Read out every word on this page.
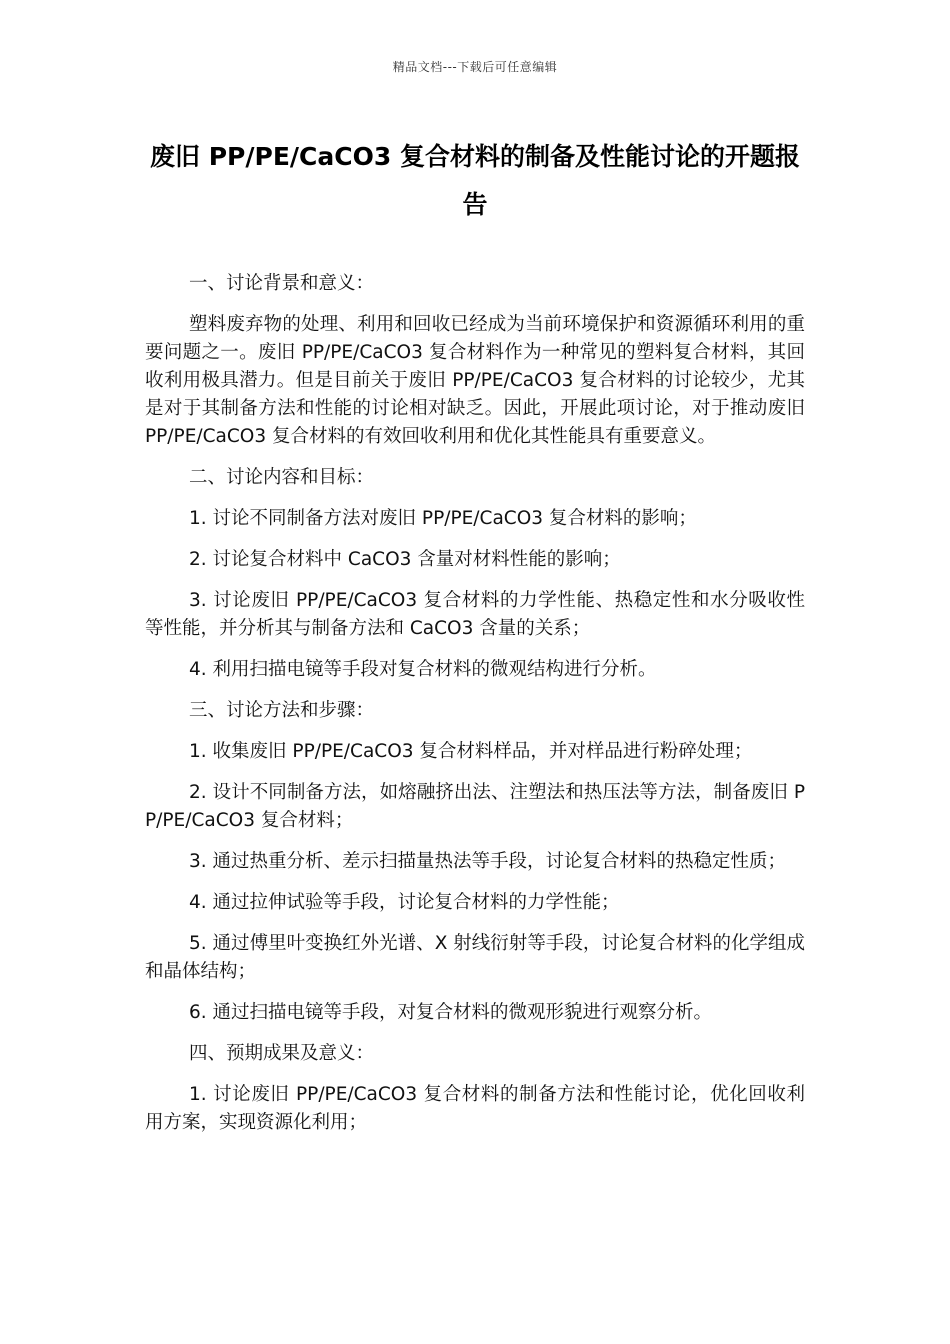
精品文档---下载后可任意编辑
废旧 PP/PE/CaCO3 复合材料的制备及性能讨论的开题报告

一、讨论背景和意义：

塑料废弃物的处理、利用和回收已经成为当前环境保护和资源循环利用的重要问题之一。废旧 PP/PE/CaCO3 复合材料作为一种常见的塑料复合材料，其回收利用极具潜力。但是目前关于废旧 PP/PE/CaCO3 复合材料的讨论较少，尤其是对于其制备方法和性能的讨论相对缺乏。因此，开展此项讨论，对于推动废旧 PP/PE/CaCO3 复合材料的有效回收利用和优化其性能具有重要意义。

二、讨论内容和目标：

1. 讨论不同制备方法对废旧 PP/PE/CaCO3 复合材料的影响；

2. 讨论复合材料中 CaCO3 含量对材料性能的影响；

3. 讨论废旧 PP/PE/CaCO3 复合材料的力学性能、热稳定性和水分吸收性等性能，并分析其与制备方法和 CaCO3 含量的关系；

4. 利用扫描电镜等手段对复合材料的微观结构进行分析。

三、讨论方法和步骤：

1. 收集废旧 PP/PE/CaCO3 复合材料样品，并对样品进行粉碎处理；

2. 设计不同制备方法，如熔融挤出法、注塑法和热压法等方法，制备废旧 PP/PE/CaCO3 复合材料；

3. 通过热重分析、差示扫描量热法等手段，讨论复合材料的热稳定性质；

4. 通过拉伸试验等手段，讨论复合材料的力学性能；

5. 通过傅里叶变换红外光谱、X 射线衍射等手段，讨论复合材料的化学组成和晶体结构；

6. 通过扫描电镜等手段，对复合材料的微观形貌进行观察分析。

四、预期成果及意义：

1. 讨论废旧 PP/PE/CaCO3 复合材料的制备方法和性能讨论，优化回收利用方案，实现资源化利用；
